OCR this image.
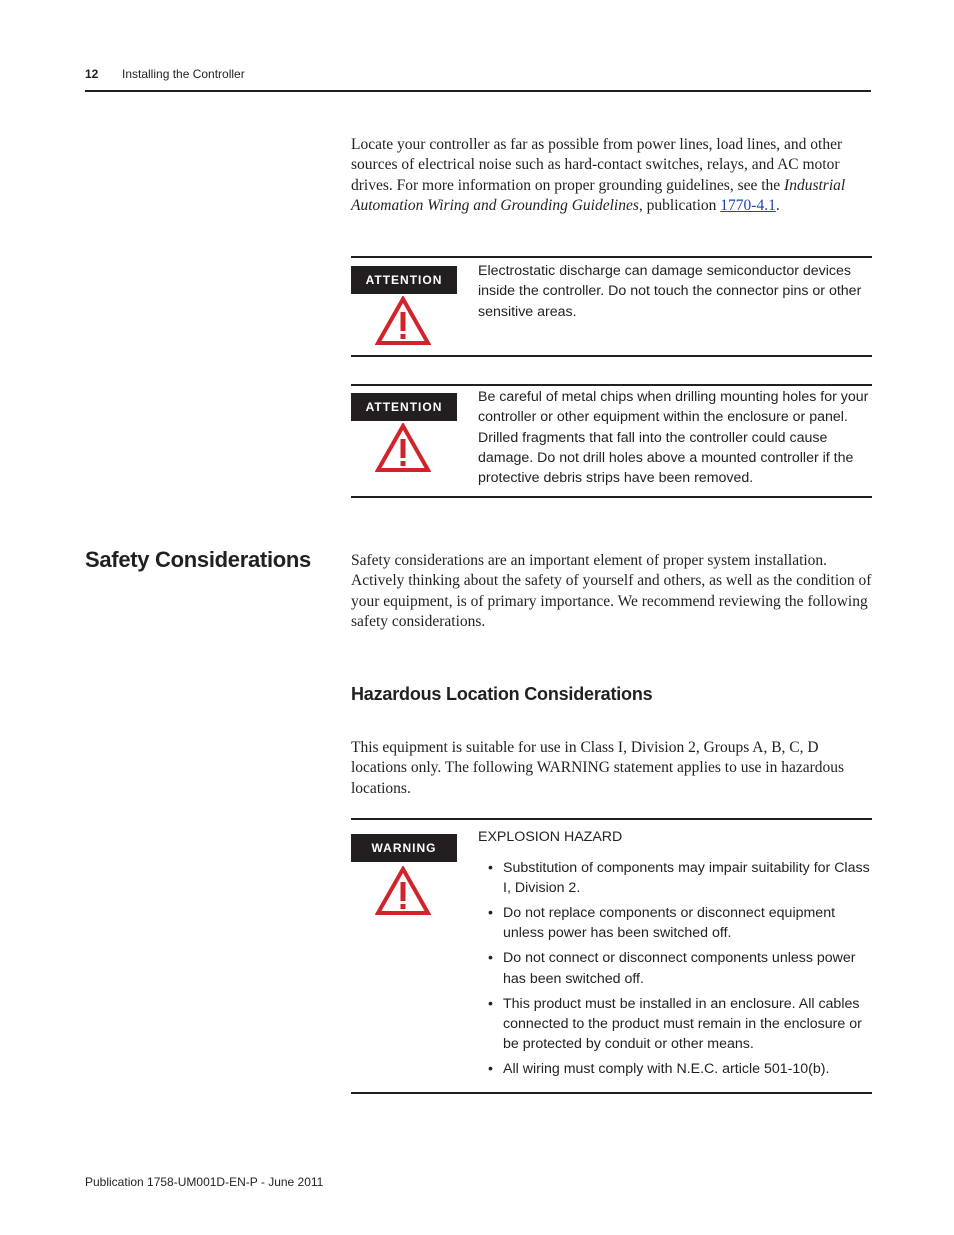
12 Installing the Controller

Locate your controller as far as possible from power lines, load lines, and other sources of electrical noise such as hard-contact switches, relays, and AC motor drives. For more information on proper grounding guidelines, see the Industrial Automation Wiring and Grounding Guidelines, publication 1770-4.1.

ATTENTION

Electrostatic discharge can damage semiconductor devices inside the controller. Do not touch the connector pins or other sensitive areas.

ATTENTION

Be careful of metal chips when drilling mounting holes for your controller or other equipment within the enclosure or panel. Drilled fragments that fall into the controller could cause damage. Do not drill holes above a mounted controller if the protective debris strips have been removed.

Safety Considerations	Safety considerations are an important element of proper system installation. Actively thinking about the safety of yourself and others, as well as the condition of your equipment, is of primary importance. We recommend reviewing the following safety considerations.

Hazardous Location Considerations

This equipment is suitable for use in Class I, Division 2, Groups A, B, C, D locations only. The following WARNING statement applies to use in hazardous locations.

WARNING

EXPLOSION HAZARD

• Substitution of components may impair suitability for Class I, Division 2.
• Do not replace components or disconnect equipment unless power has been switched off.
• Do not connect or disconnect components unless power has been switched off.
• This product must be installed in an enclosure. All cables connected to the product must remain in the enclosure or be protected by conduit or other means.
• All wiring must comply with N.E.C. article 501-10(b).
Publication 1758-UM001D-EN-P - June 2011
